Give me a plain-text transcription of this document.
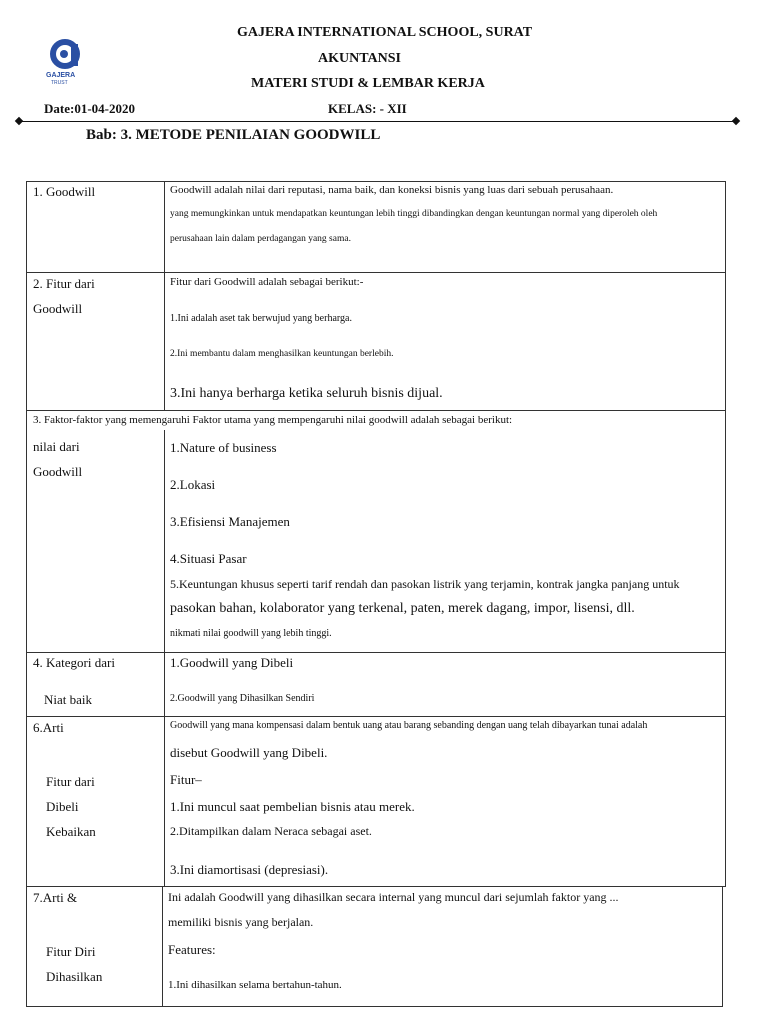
GAJERA
TRUST
GAJERA INTERNATIONAL SCHOOL, SURAT
AKUNTANSI
MATERI STUDI & LEMBAR KERJA
Date:01-04-2020	KELAS: - XII
Bab: 3. METODE PENILAIAN GOODWILL
1. Goodwill	Goodwill adalah nilai dari reputasi, nama baik, dan koneksi bisnis yang luas dari sebuah perusahaan.
yang memungkinkan untuk mendapatkan keuntungan lebih tinggi dibandingkan dengan keuntungan normal yang diperoleh oleh
perusahaan lain dalam perdagangan yang sama.
2. Fitur dari
Goodwill
Fitur dari Goodwill adalah sebagai berikut:-
1.Ini adalah aset tak berwujud yang berharga.
2.Ini membantu dalam menghasilkan keuntungan berlebih.
3.Ini hanya berharga ketika seluruh bisnis dijual.
3. Faktor-faktor yang memengaruhi Faktor utama yang mempengaruhi nilai goodwill adalah sebagai berikut:
nilai dari
Goodwill
1.Nature of business
2.Lokasi
3.Efisiensi Manajemen
4.Situasi Pasar
5.Keuntungan khusus seperti tarif rendah dan pasokan listrik yang terjamin, kontrak jangka panjang untuk
pasokan bahan, kolaborator yang terkenal, paten, merek dagang, impor, lisensi, dll.
nikmati nilai goodwill yang lebih tinggi.
4. Kategori dari
Niat baik
1.Goodwill yang Dibeli
2.Goodwill yang Dihasilkan Sendiri
6.Arti
Fitur dari
Dibeli
Kebaikan
Goodwill yang mana kompensasi dalam bentuk uang atau barang sebanding dengan uang telah dibayarkan tunai adalah
disebut Goodwill yang Dibeli.
Fitur–
1.Ini muncul saat pembelian bisnis atau merek.
2.Ditampilkan dalam Neraca sebagai aset.
3.Ini diamortisasi (depresiasi).
7.Arti &
Fitur Diri
Dihasilkan
Ini adalah Goodwill yang dihasilkan secara internal yang muncul dari sejumlah faktor yang ...
memiliki bisnis yang berjalan.
Features:
1.Ini dihasilkan selama bertahun-tahun.
